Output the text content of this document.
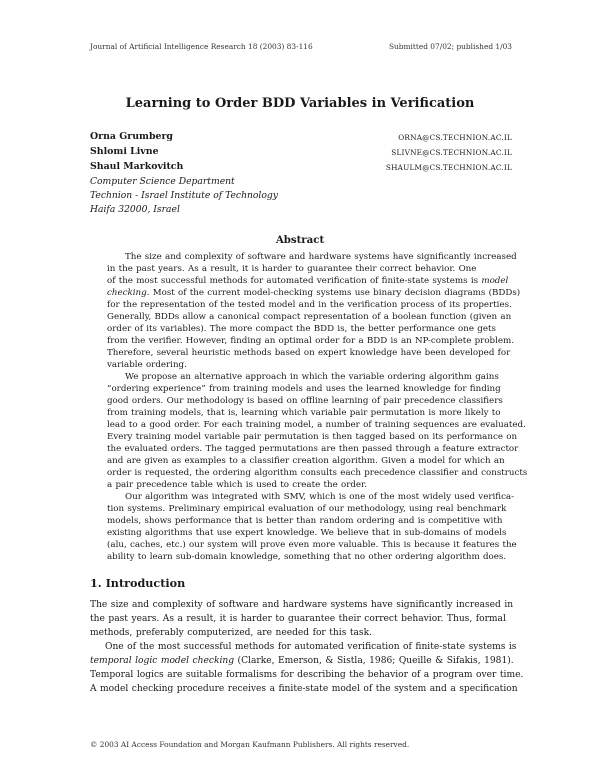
Journal of Artificial Intelligence Research 18 (2003) 83-116	Submitted 07/02; published 1/03
Learning to Order BDD Variables in Verification
Orna Grumberg	ORNA@CS.TECHNION.AC.IL
Shlomi Livne	SLIVNE@CS.TECHNION.AC.IL
Shaul Markovitch	SHAULM@CS.TECHNION.AC.IL
Computer Science Department
Technion - Israel Institute of Technology
Haifa 32000, Israel
Abstract
The size and complexity of software and hardware systems have significantly increased
in the past years. As a result, it is harder to guarantee their correct behavior. One
of the most successful methods for automated verification of finite-state systems is model
checking. Most of the current model-checking systems use binary decision diagrams (BDDs)
for the representation of the tested model and in the verification process of its properties.
Generally, BDDs allow a canonical compact representation of a boolean function (given an
order of its variables). The more compact the BDD is, the better performance one gets
from the verifier. However, finding an optimal order for a BDD is an NP-complete problem.
Therefore, several heuristic methods based on expert knowledge have been developed for
variable ordering.
We propose an alternative approach in which the variable ordering algorithm gains
“ordering experience” from training models and uses the learned knowledge for finding
good orders. Our methodology is based on offline learning of pair precedence classifiers
from training models, that is, learning which variable pair permutation is more likely to
lead to a good order. For each training model, a number of training sequences are evaluated.
Every training model variable pair permutation is then tagged based on its performance on
the evaluated orders. The tagged permutations are then passed through a feature extractor
and are given as examples to a classifier creation algorithm. Given a model for which an
order is requested, the ordering algorithm consults each precedence classifier and constructs
a pair precedence table which is used to create the order.
Our algorithm was integrated with SMV, which is one of the most widely used verifica-
tion systems. Preliminary empirical evaluation of our methodology, using real benchmark
models, shows performance that is better than random ordering and is competitive with
existing algorithms that use expert knowledge. We believe that in sub-domains of models
(alu, caches, etc.) our system will prove even more valuable. This is because it features the
ability to learn sub-domain knowledge, something that no other ordering algorithm does.
1. Introduction
The size and complexity of software and hardware systems have significantly increased in
the past years. As a result, it is harder to guarantee their correct behavior. Thus, formal
methods, preferably computerized, are needed for this task.
One of the most successful methods for automated verification of finite-state systems is
temporal logic model checking (Clarke, Emerson, & Sistla, 1986; Queille & Sifakis, 1981).
Temporal logics are suitable formalisms for describing the behavior of a program over time.
A model checking procedure receives a finite-state model of the system and a specification
© 2003 AI Access Foundation and Morgan Kaufmann Publishers. All rights reserved.
